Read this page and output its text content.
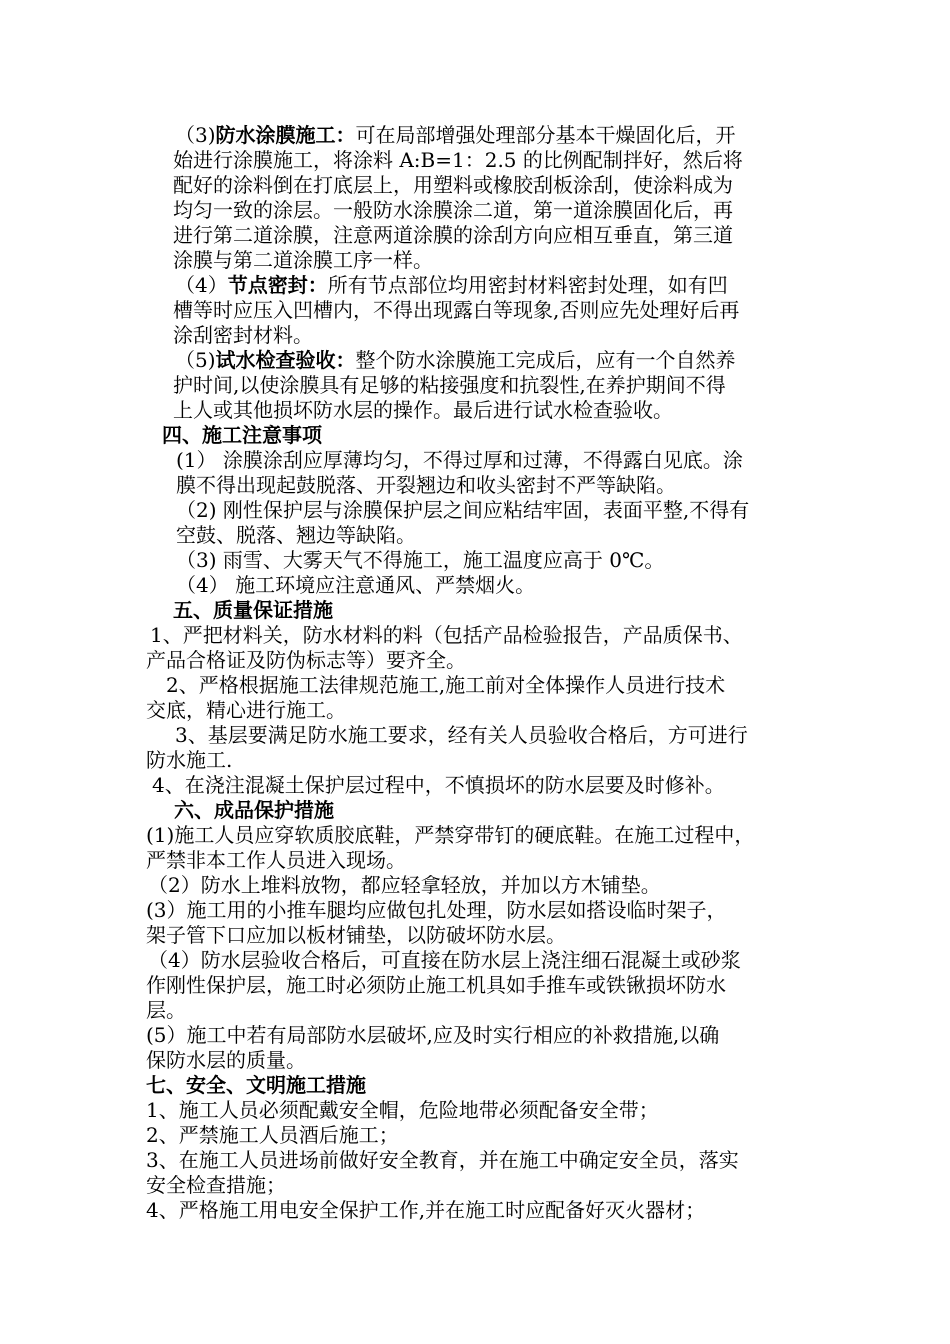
（3)防水涂膜施工：可在局部增强处理部分基本干燥固化后，开
始进行涂膜施工，将涂料 A:B=1：2.5 的比例配制拌好，然后将
配好的涂料倒在打底层上，用塑料或橡胶刮板涂刮，使涂料成为
均匀一致的涂层。一般防水涂膜涂二道，第一道涂膜固化后，再
进行第二道涂膜，注意两道涂膜的涂刮方向应相互垂直，第三道
涂膜与第二道涂膜工序一样。
（4）节点密封：所有节点部位均用密封材料密封处理，如有凹
槽等时应压入凹槽内，不得出现露白等现象,否则应先处理好后再
涂刮密封材料。
（5)试水检查验收：整个防水涂膜施工完成后，应有一个自然养
护时间,以使涂膜具有足够的粘接强度和抗裂性,在养护期间不得
上人或其他损坏防水层的操作。最后进行试水检查验收。
四、施工注意事项
(1） 涂膜涂刮应厚薄均匀，不得过厚和过薄，不得露白见底。涂
膜不得出现起鼓脱落、开裂翘边和收头密封不严等缺陷。
（2) 刚性保护层与涂膜保护层之间应粘结牢固，表面平整,不得有
空鼓、脱落、翘边等缺陷。
（3) 雨雪、大雾天气不得施工，施工温度应高于 0℃。
（4） 施工环境应注意通风、严禁烟火。
五、质量保证措施
1、严把材料关，防水材料的料（包括产品检验报告，产品质保书、
产品合格证及防伪标志等）要齐全。
2、严格根据施工法律规范施工,施工前对全体操作人员进行技术
交底，精心进行施工。
3、基层要满足防水施工要求，经有关人员验收合格后，方可进行
防水施工.
4、在浇注混凝土保护层过程中，不慎损坏的防水层要及时修补。
六、成品保护措施
(1)施工人员应穿软质胶底鞋，严禁穿带钉的硬底鞋。在施工过程中，
严禁非本工作人员进入现场。
（2）防水上堆料放物，都应轻拿轻放，并加以方木铺垫。
(3）施工用的小推车腿均应做包扎处理，防水层如搭设临时架子，
架子管下口应加以板材铺垫，以防破坏防水层。
（4）防水层验收合格后，可直接在防水层上浇注细石混凝土或砂浆
作刚性保护层，施工时必须防止施工机具如手推车或铁锹损坏防水
层。
(5）施工中若有局部防水层破坏,应及时实行相应的补救措施,以确
保防水层的质量。
七、安全、文明施工措施
1、施工人员必须配戴安全帽，危险地带必须配备安全带；
2、严禁施工人员酒后施工；
3、在施工人员进场前做好安全教育，并在施工中确定安全员，落实
安全检查措施；
4、严格施工用电安全保护工作,并在施工时应配备好灭火器材；
